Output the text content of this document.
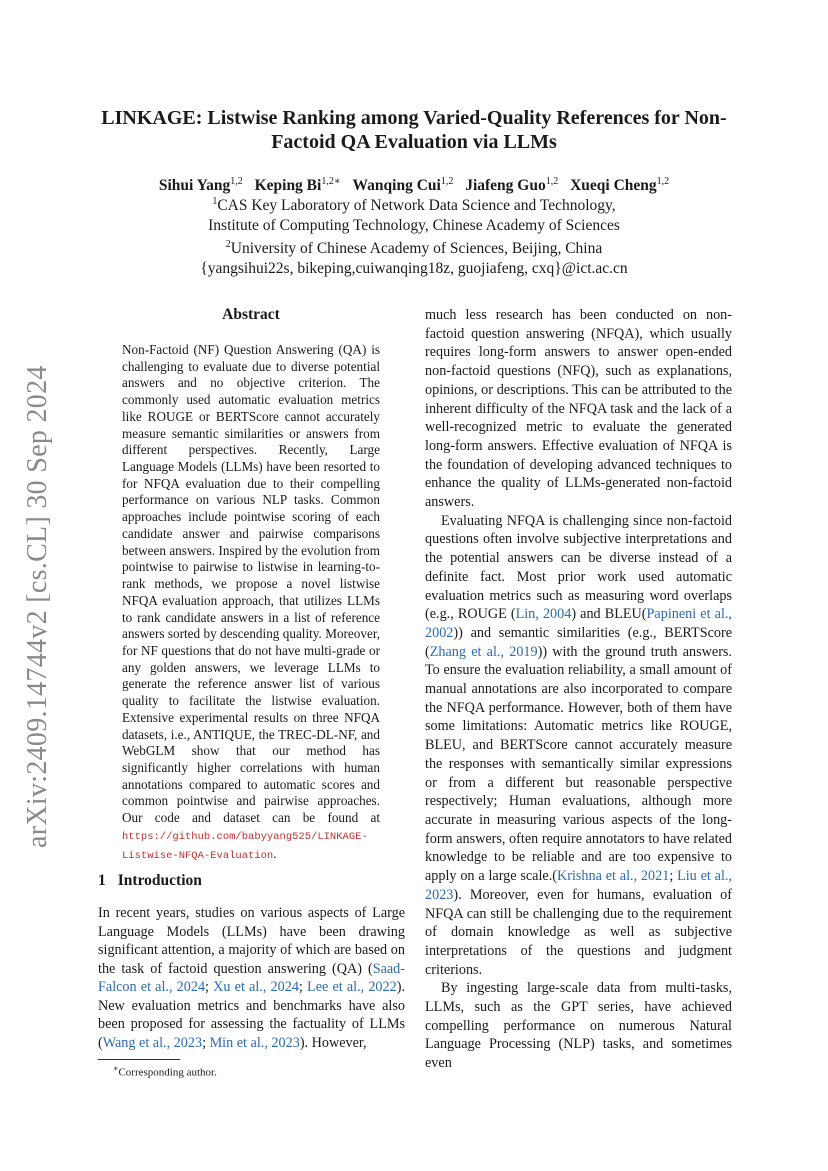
arXiv:2409.14744v2 [cs.CL] 30 Sep 2024
LINKAGE: Listwise Ranking among Varied-Quality References for Non-Factoid QA Evaluation via LLMs
Sihui Yang$^{1,2}$ Keping $Bi^{1,2∗}$ Wanqing Cui$^{1,2}$ Jiafeng Guo$^{1,2}$ Xueqi Cheng$^{1,2}$
$^1$CAS Key Laboratory of Network Data Science and Technology,
Institute of Computing Technology, Chinese Academy of Sciences
$^2$University of Chinese Academy of Sciences, Beijing, China
{yangsihui22s, bikeping,cuiwanqing18z, guojiafeng, cxq}@ict.ac.cn
Abstract
Non-Factoid (NF) Question Answering (QA) is challenging to evaluate due to diverse potential answers and no objective criterion. The commonly used automatic evaluation metrics like ROUGE or BERTScore cannot accurately measure semantic similarities or answers from different perspectives. Recently, Large Language Models (LLMs) have been resorted to for NFQA evaluation due to their compelling performance on various NLP tasks. Common approaches include pointwise scoring of each candidate answer and pairwise comparisons between answers. Inspired by the evolution from pointwise to pairwise to listwise in learning-to-rank methods, we propose a novel listwise NFQA evaluation approach, that utilizes LLMs to rank candidate answers in a list of reference answers sorted by descending quality. Moreover, for NF questions that do not have multi-grade or any golden answers, we leverage LLMs to generate the reference answer list of various quality to facilitate the listwise evaluation. Extensive experimental results on three NFQA datasets, i.e., ANTIQUE, the TREC-DL-NF, and WebGLM show that our method has significantly higher correlations with human annotations compared to automatic scores and common pointwise and pairwise approaches. Our code and dataset can be found at https://github.com/babyyang525/LINKAGE-Listwise-NFQA-Evaluation.
1 Introduction
In recent years, studies on various aspects of Large Language Models (LLMs) have been drawing significant attention, a majority of which are based on the task of factoid question answering (QA) (Saad-Falcon et al., 2024; Xu et al., 2024; Lee et al., 2022). New evaluation metrics and benchmarks have also been proposed for assessing the factuality of LLMs (Wang et al., 2023; Min et al., 2023). However,

much less research has been conducted on non-factoid question answering (NFQA), which usually requires long-form answers to answer open-ended non-factoid questions (NFQ), such as explanations, opinions, or descriptions. This can be attributed to the inherent difficulty of the NFQA task and the lack of a well-recognized metric to evaluate the generated long-form answers. Effective evaluation of NFQA is the foundation of developing advanced techniques to enhance the quality of LLMs-generated non-factoid answers.

Evaluating NFQA is challenging since non-factoid questions often involve subjective interpretations and the potential answers can be diverse instead of a definite fact. Most prior work used automatic evaluation metrics such as measuring word overlaps (e.g., ROUGE (Lin, 2004) and BLEU(Papineni et al., 2002)) and semantic similarities (e.g., BERTScore (Zhang et al., 2019)) with the ground truth answers. To ensure the evaluation reliability, a small amount of manual annotations are also incorporated to compare the NFQA performance. However, both of them have some limitations: Automatic metrics like ROUGE, BLEU, and BERTScore cannot accurately measure the responses with semantically similar expressions or from a different but reasonable perspective respectively; Human evaluations, although more accurate in measuring various aspects of the long-form answers, often require annotators to have related knowledge to be reliable and are too expensive to apply on a large scale.(Krishna et al., 2021; Liu et al., 2023). Moreover, even for humans, evaluation of NFQA can still be challenging due to the requirement of domain knowledge as well as subjective interpretations of the questions and judgment criterions.

By ingesting large-scale data from multi-tasks, LLMs, such as the GPT series, have achieved compelling performance on numerous Natural Language Processing (NLP) tasks, and sometimes even

∗Corresponding author.
